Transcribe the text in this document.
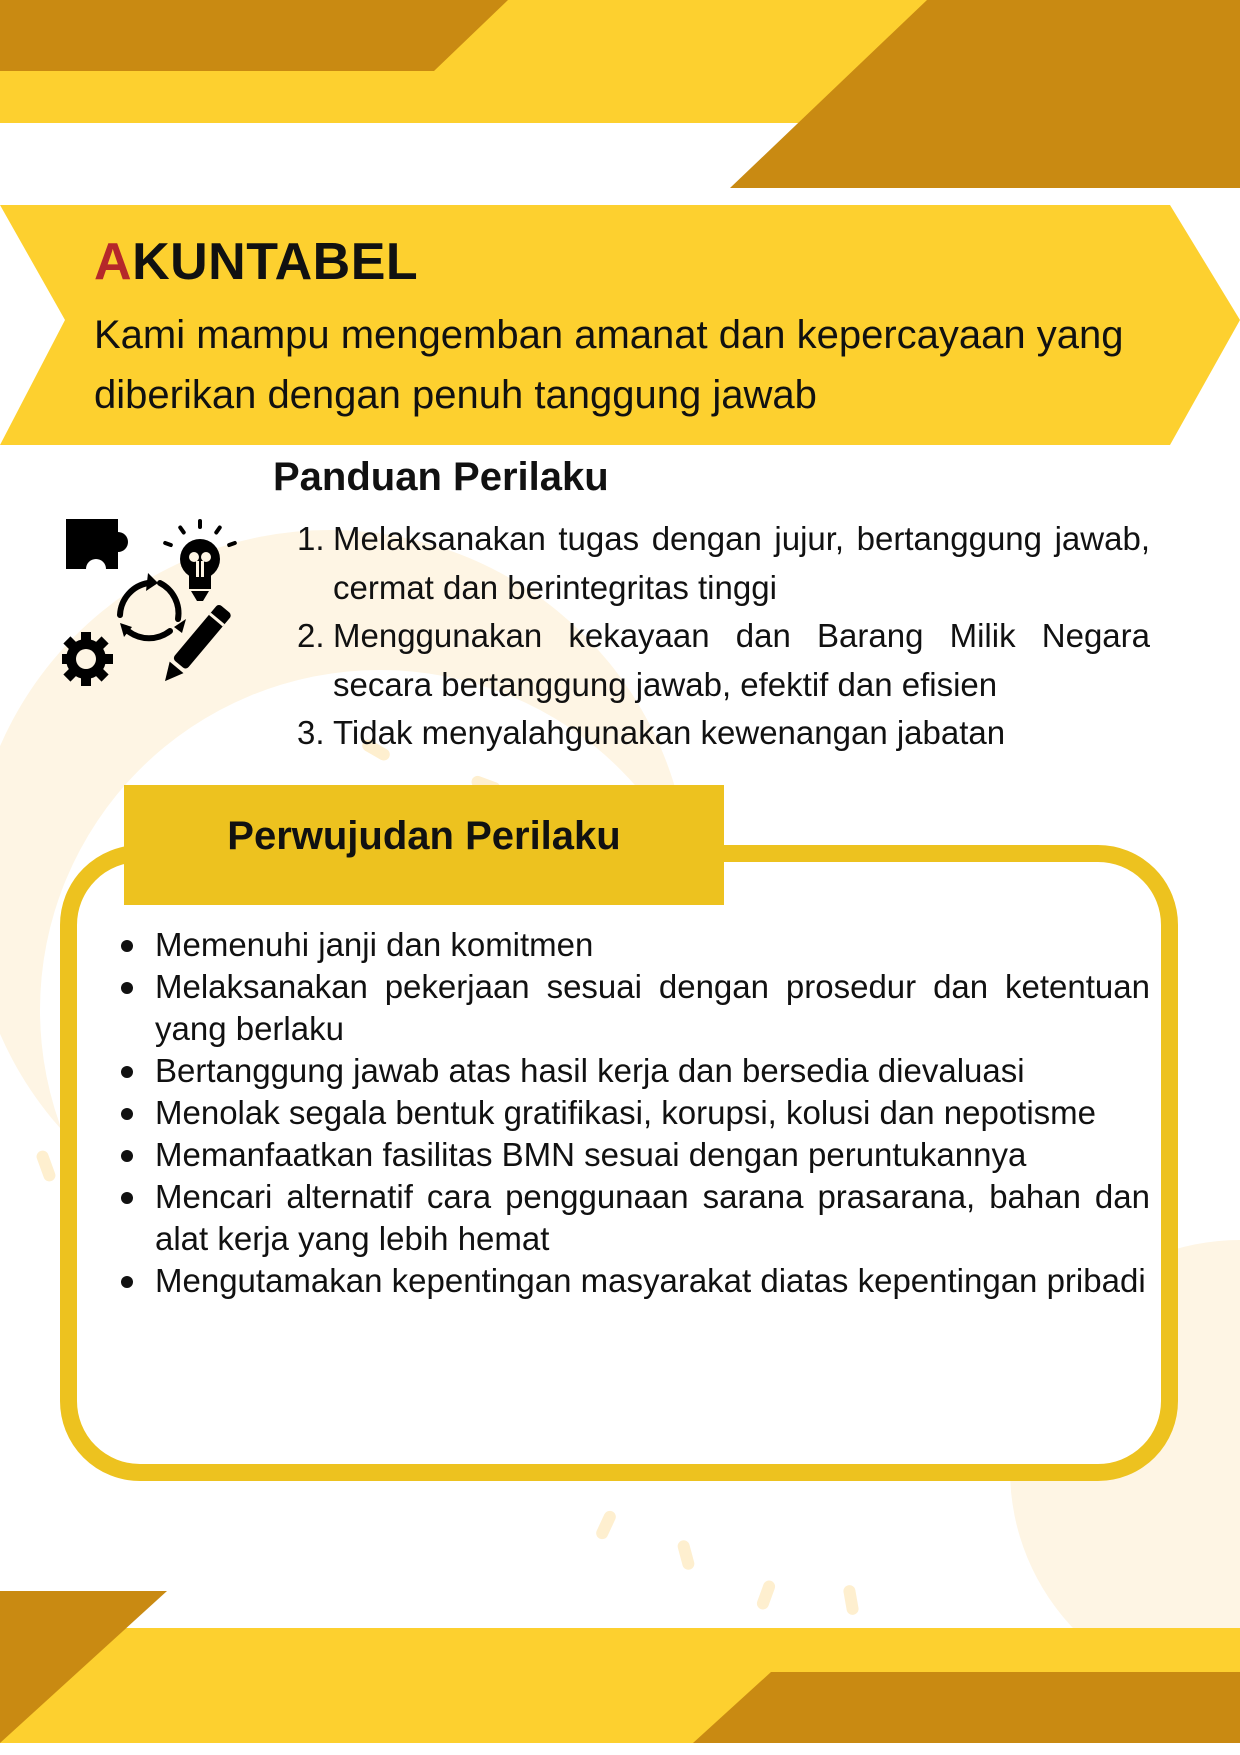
AKUNTABEL
Kami mampu mengemban amanat dan kepercayaan yang diberikan dengan penuh tanggung jawab
Panduan Perilaku
1. Melaksanakan tugas dengan jujur, bertanggung jawab, cermat dan berintegritas tinggi
2. Menggunakan kekayaan dan Barang Milik Negara secara bertanggung jawab, efektif dan efisien
3. Tidak menyalahgunakan kewenangan jabatan
Perwujudan Perilaku
Memenuhi janji dan komitmen
Melaksanakan pekerjaan sesuai dengan prosedur dan ketentuan yang berlaku
Bertanggung jawab atas hasil kerja dan bersedia dievaluasi
Menolak segala bentuk gratifikasi, korupsi, kolusi dan nepotisme
Memanfaatkan fasilitas BMN sesuai dengan peruntukannya
Mencari alternatif cara penggunaan sarana prasarana, bahan dan alat kerja yang lebih hemat
Mengutamakan kepentingan masyarakat diatas kepentingan pribadi
